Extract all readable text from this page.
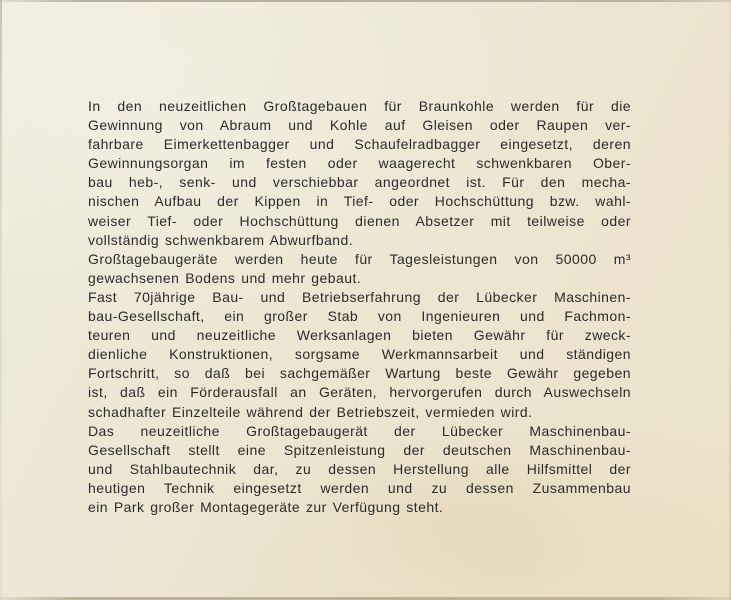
In den neuzeitlichen Großtagebauen für Braunkohle werden für die
Gewinnung von Abraum und Kohle auf Gleisen oder Raupen ver-
fahrbare Eimerkettenbagger und Schaufelradbagger eingesetzt, deren
Gewinnungsorgan im festen oder waagerecht schwenkbaren Ober-
bau heb-, senk- und verschiebbar angeordnet ist. Für den mecha-
nischen Aufbau der Kippen in Tief- oder Hochschüttung bzw. wahl-
weiser Tief- oder Hochschüttung dienen Absetzer mit teilweise oder
vollständig schwenkbarem Abwurfband.
Großtagebaugeräte werden heute für Tagesleistungen von 50000 m³
gewachsenen Bodens und mehr gebaut.
Fast 70jährige Bau- und Betriebserfahrung der Lübecker Maschinen-
bau-Gesellschaft, ein großer Stab von Ingenieuren und Fachmon-
teuren und neuzeitliche Werksanlagen bieten Gewähr für zweck-
dienliche Konstruktionen, sorgsame Werkmannsarbeit und ständigen
Fortschritt, so daß bei sachgemäßer Wartung beste Gewähr gegeben
ist, daß ein Förderausfall an Geräten, hervorgerufen durch Auswechseln
schadhafter Einzelteile während der Betriebszeit, vermieden wird.
Das neuzeitliche Großtagebaugerät der Lübecker Maschinenbau-
Gesellschaft stellt eine Spitzenleistung der deutschen Maschinenbau-
und Stahlbautechnik dar, zu dessen Herstellung alle Hilfsmittel der
heutigen Technik eingesetzt werden und zu dessen Zusammenbau
ein Park großer Montagegeräte zur Verfügung steht.
